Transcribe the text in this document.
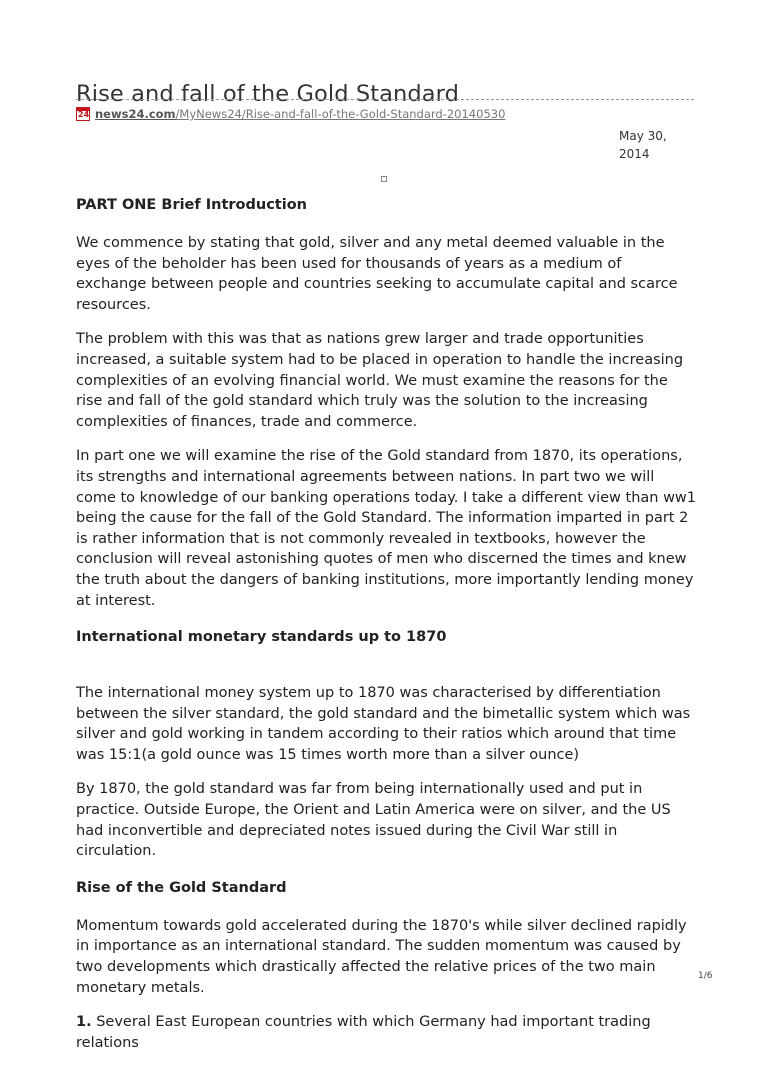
Rise and fall of the Gold Standard
24 news24.com /MyNews24/Rise-and-fall-of-the-Gold-Standard-20140530
May 30,
2014
PART ONE Brief Introduction

We commence by stating that gold, silver and any metal deemed valuable in the eyes of the beholder has been used for thousands of years as a medium of exchange between people and countries seeking to accumulate capital and scarce resources.

The problem with this was that as nations grew larger and trade opportunities increased, a suitable system had to be placed in operation to handle the increasing complexities of an evolving financial world. We must examine the reasons for the rise and fall of the gold standard which truly was the solution to the increasing complexities of finances, trade and commerce.

In part one we will examine the rise of the Gold standard from 1870, its operations, its strengths and international agreements between nations. In part two we will come to knowledge of our banking operations today. I take a different view than ww1 being the cause for the fall of the Gold Standard. The information imparted in part 2 is rather information that is not commonly revealed in textbooks, however the conclusion will reveal astonishing quotes of men who discerned the times and knew the truth about the dangers of banking institutions, more importantly lending money at interest.

International monetary standards up to 1870

The international money system up to 1870 was characterised by differentiation between the silver standard, the gold standard and the bimetallic system which was silver and gold working in tandem according to their ratios which around that time was 15:1(a gold ounce was 15 times worth more than a silver ounce)

By 1870, the gold standard was far from being internationally used and put in practice. Outside Europe, the Orient and Latin America were on silver, and the US had inconvertible and depreciated notes issued during the Civil War still in circulation.

Rise of the Gold Standard

Momentum towards gold accelerated during the 1870's while silver declined rapidly in importance as an international standard. The sudden momentum was caused by two developments which drastically affected the relative prices of the two main monetary metals.

1. Several East European countries with which Germany had important trading relations

1/6
